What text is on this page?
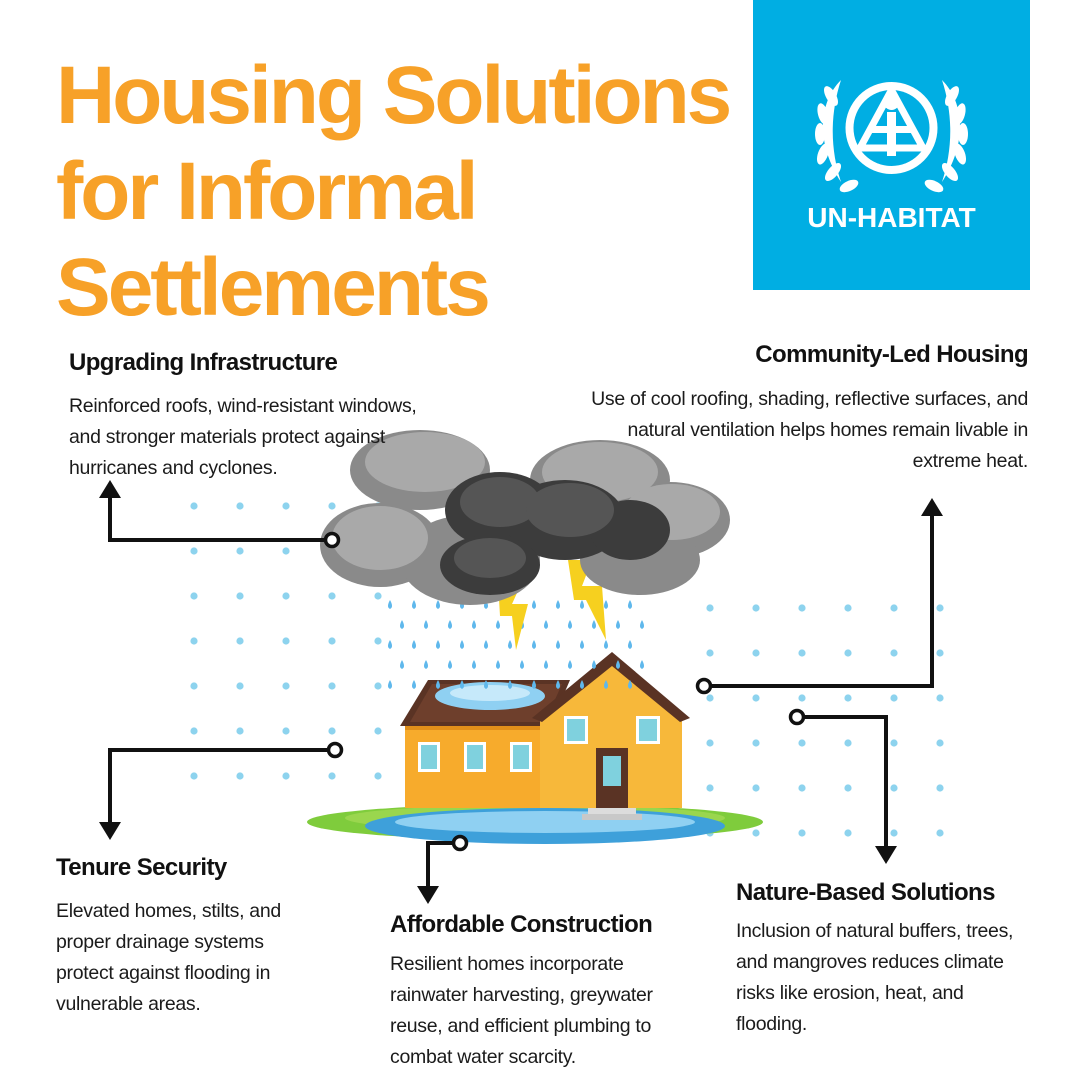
Housing Solutions
for Informal
Settlements
UN-HABITAT
Upgrading Infrastructure

Reinforced roofs, wind-resistant windows,
and stronger materials protect against
hurricanes and cyclones.

Community-Led Housing

Use of cool roofing, shading, reflective surfaces, and
natural ventilation helps homes remain livable in
extreme heat.

Tenure Security

Elevated homes, stilts, and
proper drainage systems
protect against flooding in
vulnerable areas.

Affordable Construction

Resilient homes incorporate
rainwater harvesting, greywater
reuse, and efficient plumbing to
combat water scarcity.

Nature-Based Solutions

Inclusion of natural buffers, trees,
and mangroves reduces climate
risks like erosion, heat, and
flooding.
